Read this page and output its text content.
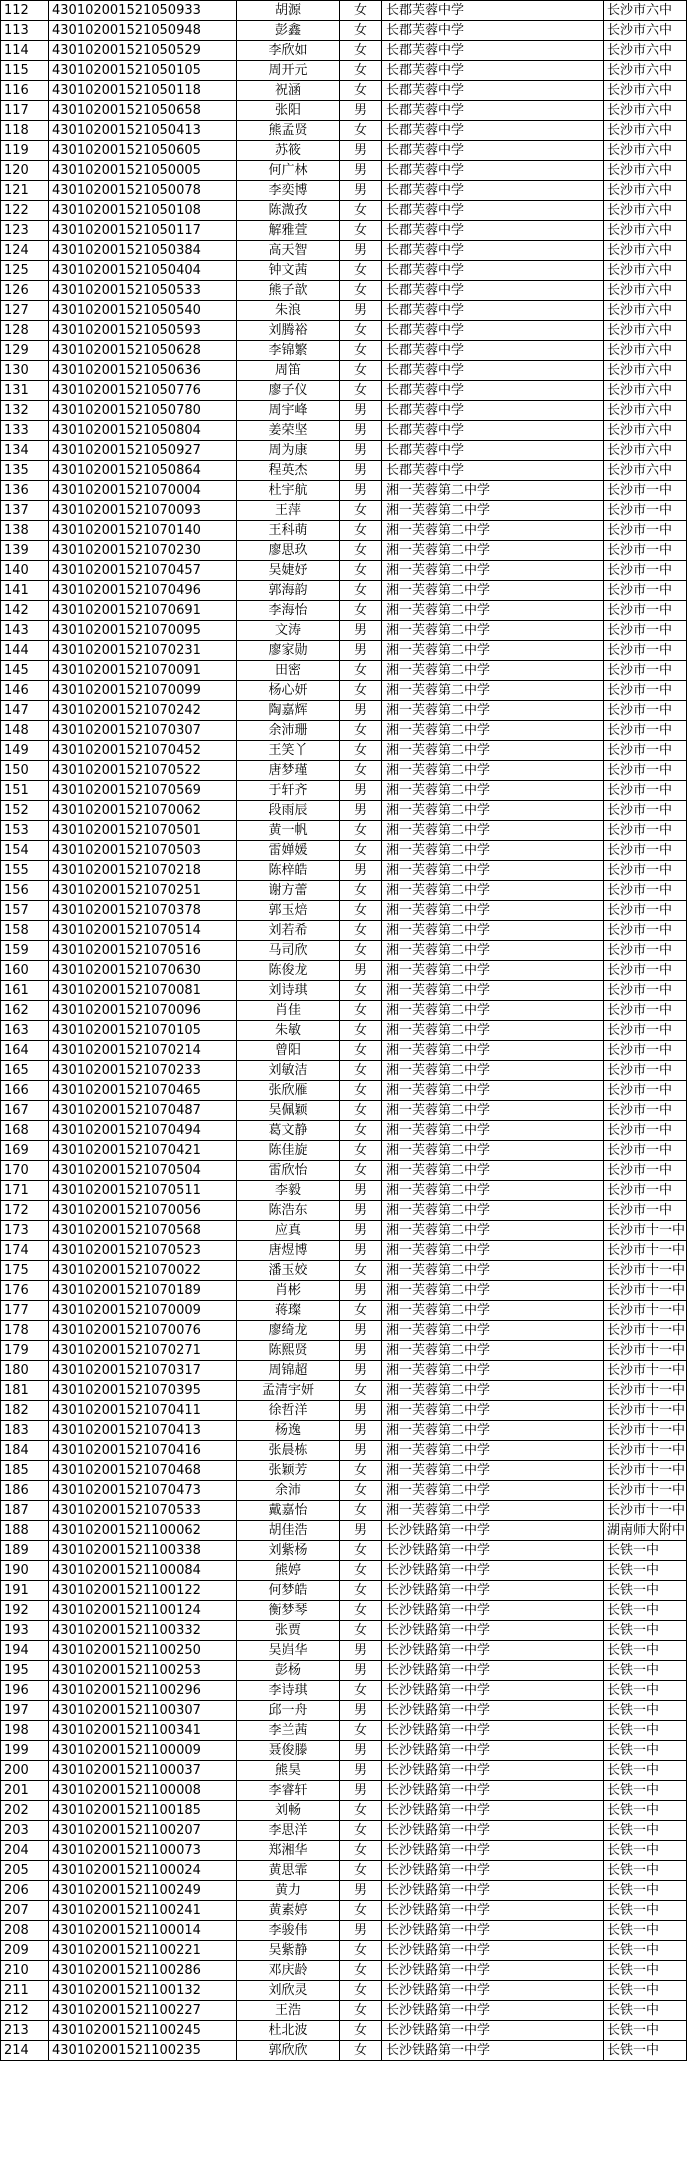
112	430102001521050933	胡源	女	长郡芙蓉中学	长沙市六中
113	430102001521050948	彭鑫	女	长郡芙蓉中学	长沙市六中
114	430102001521050529	李欣如	女	长郡芙蓉中学	长沙市六中
115	430102001521050105	周开元	女	长郡芙蓉中学	长沙市六中
116	430102001521050118	祝涵	女	长郡芙蓉中学	长沙市六中
117	430102001521050658	张阳	男	长郡芙蓉中学	长沙市六中
118	430102001521050413	熊孟贤	女	长郡芙蓉中学	长沙市六中
119	430102001521050605	苏筱	男	长郡芙蓉中学	长沙市六中
120	430102001521050005	何广林	男	长郡芙蓉中学	长沙市六中
121	430102001521050078	李奕博	男	长郡芙蓉中学	长沙市六中
122	430102001521050108	陈溦孜	女	长郡芙蓉中学	长沙市六中
123	430102001521050117	解雅萱	女	长郡芙蓉中学	长沙市六中
124	430102001521050384	高天智	男	长郡芙蓉中学	长沙市六中
125	430102001521050404	钟文茜	女	长郡芙蓉中学	长沙市六中
126	430102001521050533	熊子歆	女	长郡芙蓉中学	长沙市六中
127	430102001521050540	朱浪	男	长郡芙蓉中学	长沙市六中
128	430102001521050593	刘腾裕	女	长郡芙蓉中学	长沙市六中
129	430102001521050628	李锦繁	女	长郡芙蓉中学	长沙市六中
130	430102001521050636	周笛	女	长郡芙蓉中学	长沙市六中
131	430102001521050776	廖子仪	女	长郡芙蓉中学	长沙市六中
132	430102001521050780	周宇峰	男	长郡芙蓉中学	长沙市六中
133	430102001521050804	姜荣坚	男	长郡芙蓉中学	长沙市六中
134	430102001521050927	周为康	男	长郡芙蓉中学	长沙市六中
135	430102001521050864	程英杰	男	长郡芙蓉中学	长沙市六中
136	430102001521070004	杜宇航	男	湘一芙蓉第二中学	长沙市一中
137	430102001521070093	王萍	女	湘一芙蓉第二中学	长沙市一中
138	430102001521070140	王科萌	女	湘一芙蓉第二中学	长沙市一中
139	430102001521070230	廖思玖	女	湘一芙蓉第二中学	长沙市一中
140	430102001521070457	吴婕妤	女	湘一芙蓉第二中学	长沙市一中
141	430102001521070496	郭海韵	女	湘一芙蓉第二中学	长沙市一中
142	430102001521070691	李海怡	女	湘一芙蓉第二中学	长沙市一中
143	430102001521070095	文涛	男	湘一芙蓉第二中学	长沙市一中
144	430102001521070231	廖家勋	男	湘一芙蓉第二中学	长沙市一中
145	430102001521070091	田密	女	湘一芙蓉第二中学	长沙市一中
146	430102001521070099	杨心妍	女	湘一芙蓉第二中学	长沙市一中
147	430102001521070242	陶嘉辉	男	湘一芙蓉第二中学	长沙市一中
148	430102001521070307	余沛珊	女	湘一芙蓉第二中学	长沙市一中
149	430102001521070452	王笑丫	女	湘一芙蓉第二中学	长沙市一中
150	430102001521070522	唐梦瑾	女	湘一芙蓉第二中学	长沙市一中
151	430102001521070569	于轩齐	男	湘一芙蓉第二中学	长沙市一中
152	430102001521070062	段雨辰	男	湘一芙蓉第二中学	长沙市一中
153	430102001521070501	黄一帆	女	湘一芙蓉第二中学	长沙市一中
154	430102001521070503	雷婵媛	女	湘一芙蓉第二中学	长沙市一中
155	430102001521070218	陈梓皓	男	湘一芙蓉第二中学	长沙市一中
156	430102001521070251	谢方蕾	女	湘一芙蓉第二中学	长沙市一中
157	430102001521070378	郭玉焙	女	湘一芙蓉第二中学	长沙市一中
158	430102001521070514	刘若希	女	湘一芙蓉第二中学	长沙市一中
159	430102001521070516	马司欣	女	湘一芙蓉第二中学	长沙市一中
160	430102001521070630	陈俊龙	男	湘一芙蓉第二中学	长沙市一中
161	430102001521070081	刘诗琪	女	湘一芙蓉第二中学	长沙市一中
162	430102001521070096	肖佳	女	湘一芙蓉第二中学	长沙市一中
163	430102001521070105	朱敏	女	湘一芙蓉第二中学	长沙市一中
164	430102001521070214	曾阳	女	湘一芙蓉第二中学	长沙市一中
165	430102001521070233	刘敏洁	女	湘一芙蓉第二中学	长沙市一中
166	430102001521070465	张欣雁	女	湘一芙蓉第二中学	长沙市一中
167	430102001521070487	吴佩颖	女	湘一芙蓉第二中学	长沙市一中
168	430102001521070494	葛文静	女	湘一芙蓉第二中学	长沙市一中
169	430102001521070421	陈佳旋	女	湘一芙蓉第二中学	长沙市一中
170	430102001521070504	雷欣怡	女	湘一芙蓉第二中学	长沙市一中
171	430102001521070511	李毅	男	湘一芙蓉第二中学	长沙市一中
172	430102001521070056	陈浩东	男	湘一芙蓉第二中学	长沙市一中
173	430102001521070568	应真	男	湘一芙蓉第二中学	长沙市十一中
174	430102001521070523	唐煜博	男	湘一芙蓉第二中学	长沙市十一中
175	430102001521070022	潘玉姣	女	湘一芙蓉第二中学	长沙市十一中
176	430102001521070189	肖彬	男	湘一芙蓉第二中学	长沙市十一中
177	430102001521070009	蒋璨	女	湘一芙蓉第二中学	长沙市十一中
178	430102001521070076	廖绮龙	男	湘一芙蓉第二中学	长沙市十一中
179	430102001521070271	陈熙贤	男	湘一芙蓉第二中学	长沙市十一中
180	430102001521070317	周锦超	男	湘一芙蓉第二中学	长沙市十一中
181	430102001521070395	孟清宇妍	女	湘一芙蓉第二中学	长沙市十一中
182	430102001521070411	徐哲洋	男	湘一芙蓉第二中学	长沙市十一中
183	430102001521070413	杨逸	男	湘一芙蓉第二中学	长沙市十一中
184	430102001521070416	张晨栋	男	湘一芙蓉第二中学	长沙市十一中
185	430102001521070468	张颖芳	女	湘一芙蓉第二中学	长沙市十一中
186	430102001521070473	余沛	女	湘一芙蓉第二中学	长沙市十一中
187	430102001521070533	戴嘉怡	女	湘一芙蓉第二中学	长沙市十一中
188	430102001521100062	胡佳浩	男	长沙铁路第一中学	湖南师大附中
189	430102001521100338	刘紫杨	女	长沙铁路第一中学	长铁一中
190	430102001521100084	熊婷	女	长沙铁路第一中学	长铁一中
191	430102001521100122	何梦皓	女	长沙铁路第一中学	长铁一中
192	430102001521100124	衡梦琴	女	长沙铁路第一中学	长铁一中
193	430102001521100332	张贾	女	长沙铁路第一中学	长铁一中
194	430102001521100250	吴岿华	男	长沙铁路第一中学	长铁一中
195	430102001521100253	彭杨	男	长沙铁路第一中学	长铁一中
196	430102001521100296	李诗琪	女	长沙铁路第一中学	长铁一中
197	430102001521100307	邱一舟	男	长沙铁路第一中学	长铁一中
198	430102001521100341	李兰茜	女	长沙铁路第一中学	长铁一中
199	430102001521100009	聂俊滕	男	长沙铁路第一中学	长铁一中
200	430102001521100037	熊昊	男	长沙铁路第一中学	长铁一中
201	430102001521100008	李睿轩	男	长沙铁路第一中学	长铁一中
202	430102001521100185	刘畅	女	长沙铁路第一中学	长铁一中
203	430102001521100207	李思洋	女	长沙铁路第一中学	长铁一中
204	430102001521100073	郑湘华	女	长沙铁路第一中学	长铁一中
205	430102001521100024	黄思霏	女	长沙铁路第一中学	长铁一中
206	430102001521100249	黄力	男	长沙铁路第一中学	长铁一中
207	430102001521100241	黄素婷	女	长沙铁路第一中学	长铁一中
208	430102001521100014	李骏伟	男	长沙铁路第一中学	长铁一中
209	430102001521100221	吴紫静	女	长沙铁路第一中学	长铁一中
210	430102001521100286	邓庆龄	女	长沙铁路第一中学	长铁一中
211	430102001521100132	刘欣灵	女	长沙铁路第一中学	长铁一中
212	430102001521100227	王浩	女	长沙铁路第一中学	长铁一中
213	430102001521100245	杜北波	女	长沙铁路第一中学	长铁一中
214	430102001521100235	郭欣欣	女	长沙铁路第一中学	长铁一中
